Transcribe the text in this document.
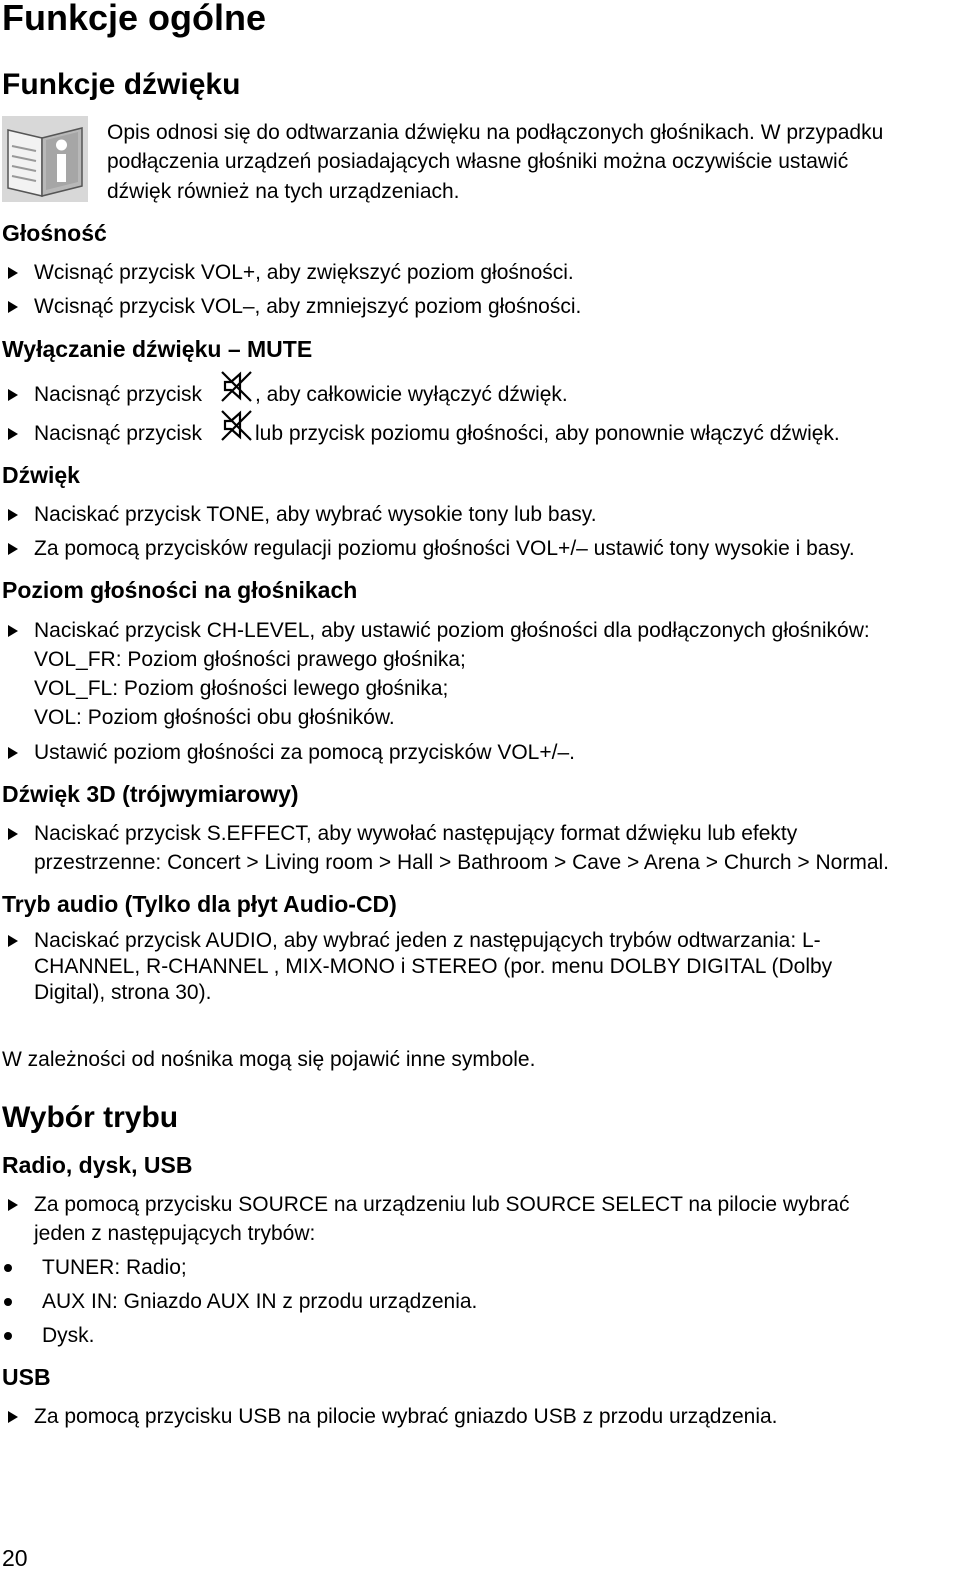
Funkcje ogólne
Funkcje dźwięku
Opis odnosi się do odtwarzania dźwięku na podłączonych głośnikach. W przypadku
podłączenia urządzeń posiadających własne głośniki można oczywiście ustawić
dźwięk również na tych urządzeniach.
Głośność
Wcisnąć przycisk VOL+, aby zwiększyć poziom głośności.
Wcisnąć przycisk VOL–, aby zmniejszyć poziom głośności.
Wyłączanie dźwięku – MUTE
Nacisnąć przycisk	, aby całkowicie wyłączyć dźwięk.
Nacisnąć przycisk	lub przycisk poziomu głośności, aby ponownie włączyć dźwięk.
Dźwięk
Naciskać przycisk TONE, aby wybrać wysokie tony lub basy.
Za pomocą przycisków regulacji poziomu głośności VOL+/– ustawić tony wysokie i basy.
Poziom głośności na głośnikach
Naciskać przycisk CH-LEVEL, aby ustawić poziom głośności dla podłączonych głośników:
VOL_FR: Poziom głośności prawego głośnika;
VOL_FL: Poziom głośności lewego głośnika;
VOL: Poziom głośności obu głośników.
Ustawić poziom głośności za pomocą przycisków VOL+/–.
Dźwięk 3D (trójwymiarowy)
Naciskać przycisk S.EFFECT, aby wywołać następujący format dźwięku lub efekty
przestrzenne: Concert > Living room > Hall > Bathroom > Cave > Arena > Church > Normal.
Tryb audio (Tylko dla płyt Audio-CD)
Naciskać przycisk AUDIO, aby wybrać jeden z następujących trybów odtwarzania: L-
CHANNEL, R-CHANNEL , MIX-MONO i STEREO (por. menu DOLBY DIGITAL (Dolby
Digital), strona 30).
W zależności od nośnika mogą się pojawić inne symbole.
Wybór trybu
Radio, dysk, USB
Za pomocą przycisku SOURCE na urządzeniu lub SOURCE SELECT na pilocie wybrać
jeden z następujących trybów:
TUNER: Radio;
AUX IN: Gniazdo AUX IN z przodu urządzenia.
Dysk.
USB
Za pomocą przycisku USB na pilocie wybrać gniazdo USB z przodu urządzenia.
20
